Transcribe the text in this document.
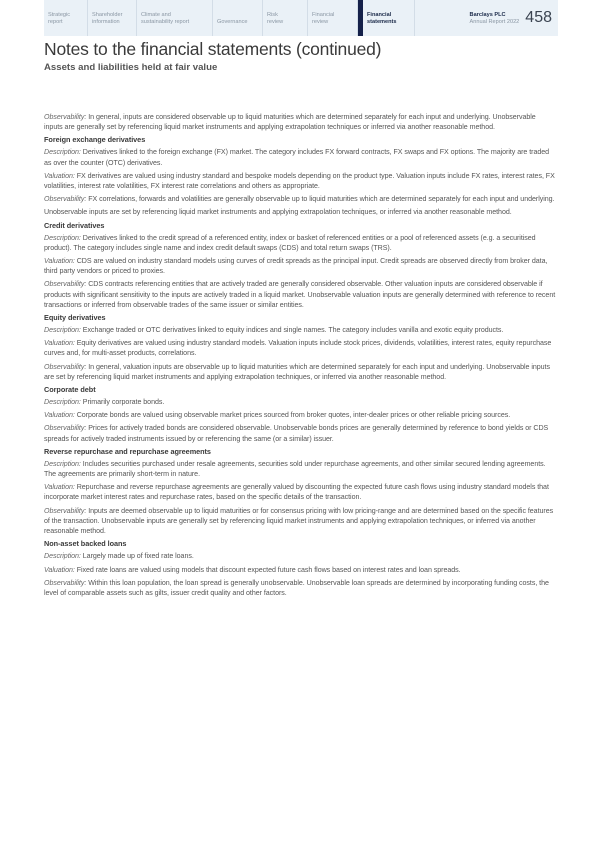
Strategic
report
Shareholder
information
Climate and
sustainability report	Governance
Risk
review
Financial
review
Financial
statements
Barclays PLC
Annual Report 2022 458
Notes to the financial statements (continued)
Assets and liabilities held at fair value

Observability: In general, inputs are considered observable up to liquid maturities which are determined separately for each input and underlying. Unobservable inputs are generally set by referencing liquid market instruments and applying extrapolation techniques or inferred via another reasonable method.

Foreign exchange derivatives

Description: Derivatives linked to the foreign exchange (FX) market. The category includes FX forward contracts, FX swaps and FX options. The majority are traded as over the counter (OTC) derivatives.

Valuation: FX derivatives are valued using industry standard and bespoke models depending on the product type. Valuation inputs include FX rates, interest rates, FX volatilities, interest rate volatilities, FX interest rate correlations and others as appropriate.

Observability: FX correlations, forwards and volatilities are generally observable up to liquid maturities which are determined separately for each input and underlying.

Unobservable inputs are set by referencing liquid market instruments and applying extrapolation techniques, or inferred via another reasonable method.

Credit derivatives

Description: Derivatives linked to the credit spread of a referenced entity, index or basket of referenced entities or a pool of referenced assets (e.g. a securitised product). The category includes single name and index credit default swaps (CDS) and total return swaps (TRS).

Valuation: CDS are valued on industry standard models using curves of credit spreads as the principal input. Credit spreads are observed directly from broker data, third party vendors or priced to proxies.

Observability: CDS contracts referencing entities that are actively traded are generally considered observable. Other valuation inputs are considered observable if products with significant sensitivity to the inputs are actively traded in a liquid market. Unobservable valuation inputs are generally determined with reference to recent transactions or inferred from observable trades of the same issuer or similar entities.

Equity derivatives

Description: Exchange traded or OTC derivatives linked to equity indices and single names. The category includes vanilla and exotic equity products.

Valuation: Equity derivatives are valued using industry standard models. Valuation inputs include stock prices, dividends, volatilities, interest rates, equity repurchase curves and, for multi-asset products, correlations.

Observability: In general, valuation inputs are observable up to liquid maturities which are determined separately for each input and underlying. Unobservable inputs are set by referencing liquid market instruments and applying extrapolation techniques, or inferred via another reasonable method.

Corporate debt

Description: Primarily corporate bonds.

Valuation: Corporate bonds are valued using observable market prices sourced from broker quotes, inter-dealer prices or other reliable pricing sources.

Observability: Prices for actively traded bonds are considered observable. Unobservable bonds prices are generally determined by reference to bond yields or CDS spreads for actively traded instruments issued by or referencing the same (or a similar) issuer.

Reverse repurchase and repurchase agreements

Description: Includes securities purchased under resale agreements, securities sold under repurchase agreements, and other similar secured lending agreements. The agreements are primarily short-term in nature.

Valuation: Repurchase and reverse repurchase agreements are generally valued by discounting the expected future cash flows using industry standard models that incorporate market interest rates and repurchase rates, based on the specific details of the transaction.

Observability: Inputs are deemed observable up to liquid maturities or for consensus pricing with low pricing-range and are determined based on the specific features of the transaction. Unobservable inputs are generally set by referencing liquid market instruments and applying extrapolation techniques, or inferred via another reasonable method.

Non-asset backed loans

Description: Largely made up of fixed rate loans.

Valuation: Fixed rate loans are valued using models that discount expected future cash flows based on interest rates and loan spreads.

Observability: Within this loan population, the loan spread is generally unobservable. Unobservable loan spreads are determined by incorporating funding costs, the level of comparable assets such as gilts, issuer credit quality and other factors.
